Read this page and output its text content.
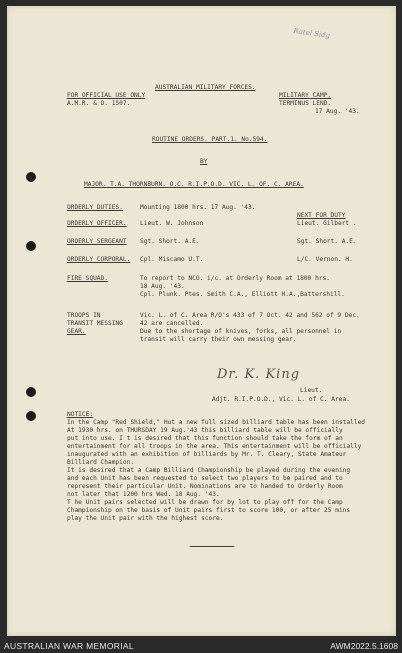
Ratel Sidg
AUSTRALIAN MILITARY FORCES.
FOR OFFICIAL USE ONLY
A.M.R. & O. 1507.
MILITARY CAMP,
TERMINUS LEND.
17 Aug. '43.
ROUTINE ORDERS. PART.1. No.594.
BY
MAJOR. T.A. THORNBURN. O.C. R.I.P.O.D. VIC. L. OF. C. AREA.
NEXT FOR DUTY
ORDERLY DUTIES.	Mounting 1800 hrs. 17 Aug. '43.
ORDERLY OFFICER. Lieut. W. Johnson	Lieut. Gilbert .
ORDERLY SERGEANT Sgt. Short. A.E.	Sgt. Short. A.E.
ORDERLY CORPORAL. Cpl. Miscamo U.T.	L/C. Vernon. H.
FIRE SQUAD.	To report to NCO. i/c. at Orderly Room at 1800 hrs.
18 Aug. '43.
Cpl. Plunk. Ptes. Smith C.A., Elliott H.A.,Battershill.
TROOPS IN
TRANSIT MESSING
GEAR.
Vic. L. of C. Area R/O's 433 of 7 Oct. 42 and 562 of 9 Dec.
42 are cancelled.
Due to the shortage of knives, forks, all personnel in
transit will carry their own messing gear.
Dr. K. King
Lieut.
Adjt. R.I.P.O.D., Vic. L. of C. Area.
NOTICE:
In the Camp "Red Shield," Hut a new full sized billiard table has been installed
At 1930 hrs. on THURSDAY 19 Aug.'43 this billiard table will be officially
put into use. I t is desired that this function should take the form of an
entertainment for all troops in the area. This entertainment will be officially
inaugurated with an exhibition of billiards by Mr. T. Cleary, State Amateur
Billiard Champion.
It is desired that a Camp Billiard Championship be played during the evening
and each Unit has been requested to select two players to be paired and to
represent their particular Unit. Nominations are to handed to Orderly Room
not later that 1200 hrs Wed. 18 Aug. '43.
T he Unit pairs selected will be drawn for by lot to play off for the Camp
Championship on the basis of Unit pairs first to score 100, or after 25 mins
play the Unit pair with the highest score.
AUSTRALIAN WAR MEMORIAL	AWM2022.5.1608
